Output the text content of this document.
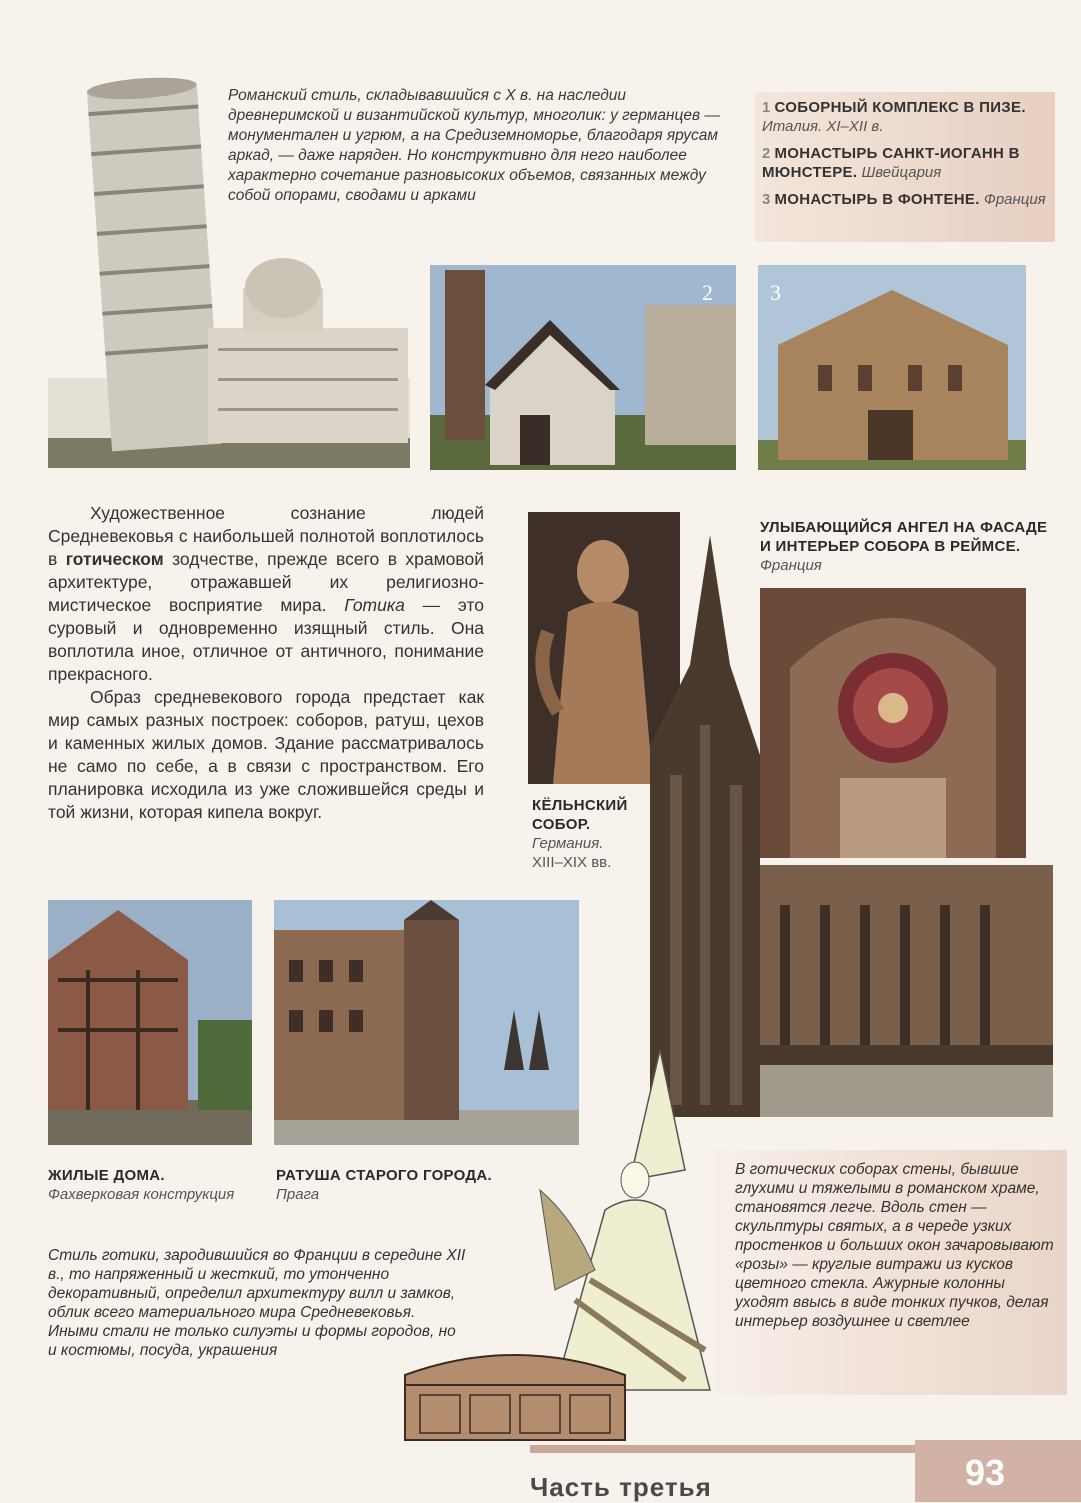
Романский стиль, складывавшийся с X в. на наследии древнеримской и византийской культур, многолик: у германцев — монументален и угрюм, а на Средиземноморье, благодаря ярусам аркад, — даже наряден. Но конструктивно для него наиболее характерно сочетание разновысоких объемов, связанных между собой опорами, сводами и арками

1 СОБОРНЫЙ КОМПЛЕКС В ПИЗЕ. Италия. XI–XII в.
2 МОНАСТЫРЬ САНКТ-ИОГАНН В МЮНСТЕРЕ. Швейцария
3 МОНАСТЫРЬ В ФОНТЕНЕ. Франция
2	3

Художественное сознание людей Средневековья с наибольшей полнотой воплотилось в готическом зодчестве, прежде всего в храмовой архитектуре, отражавшей их религиозно-мистическое восприятие мира. Готика — это суровый и одновременно изящный стиль. Она воплотила иное, отличное от античного, понимание прекрасного.

Образ средневекового города предстает как мир самых разных построек: соборов, ратуш, цехов и каменных жилых домов. Здание рассматривалось не само по себе, а в связи с пространством. Его планировка исходила из уже сложившейся среды и той жизни, которая кипела вокруг.

УЛЫБАЮЩИЙСЯ АНГЕЛ НА ФАСАДЕ И ИНТЕРЬЕР СОБОРА В РЕЙМСЕ.
Франция
КЁЛЬНСКИЙ СОБОР.
Германия.
XIII–XIX вв.
ЖИЛЫЕ ДОМА.
Фахверковая конструкция
РАТУША СТАРОГО ГОРОДА.
Прага
В готических соборах стены, бывшие глухими и тяжелыми в романском храме, становятся легче. Вдоль стен — скульптуры святых, а в череде узких простенков и больших окон зачаровывают «розы» — круглые витражи из кусков цветного стекла. Ажурные колонны уходят ввысь в виде тонких пучков, делая интерьер воздушнее и светлее
Стиль готики, зародившийся во Франции в середине XII в., то напряженный и жесткий, то утонченно декоративный, определил архитектуру вилл и замков, облик всего материального мира Средневековья. Иными стали не только силуэты и формы городов, но и костюмы, посуда, украшения
Часть третья	93
